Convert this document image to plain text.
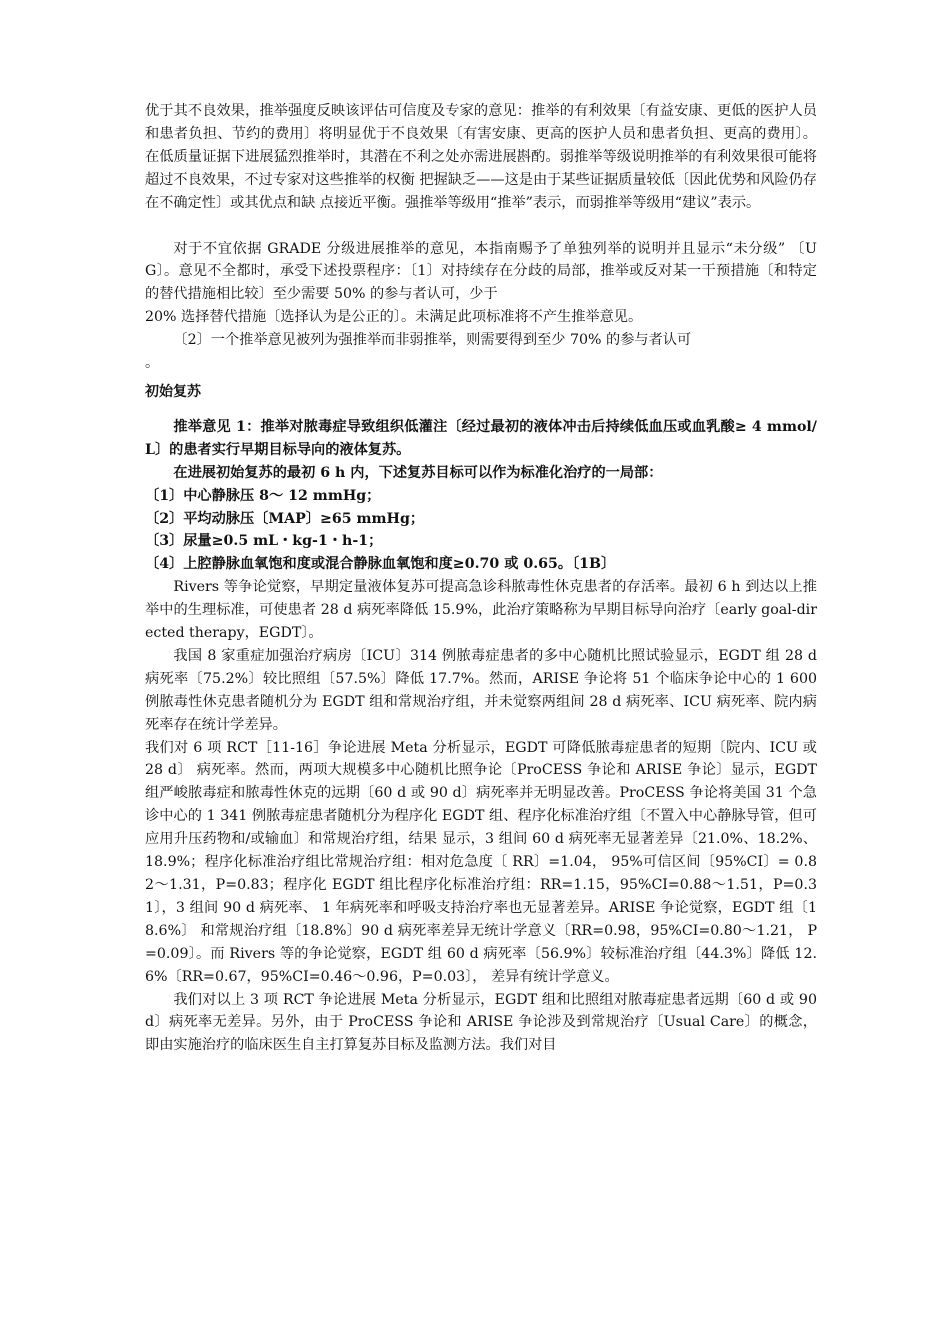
优于其不良效果，推举强度反映该评估可信度及专家的意见：推举的有利效果〔有益安康、更低的医护人员和患者负担、节约的费用〕将明显优于不良效果〔有害安康、更高的医护人员和患者负担、更高的费用〕。在低质量证据下进展猛烈推举时，其潜在不利之处亦需进展斟酌。弱推举等级说明推举的有利效果很可能将超过不良效果，不过专家对这些推举的权衡 把握缺乏——这是由于某些证据质量较低〔因此优势和风险仍存在不确定性〕或其优点和缺 点接近平衡。强推举等级用“推举”表示，而弱推举等级用“建议”表示。

对于不宜依据 GRADE 分级进展推举的意见，本指南赐予了单独列举的说明并且显示“未分级” 〔UG〕。意见不全都时，承受下述投票程序：〔1〕对持续存在分歧的局部，推举或反对某一干预措施〔和特定的替代措施相比较〕至少需要 50% 的参与者认可，少于

20% 选择替代措施〔选择认为是公正的〕。未满足此项标准将不产生推举意见。

〔2〕一个推举意见被列为强推举而非弱推举，则需要得到至少 70% 的参与者认可

。

初始复苏

推举意见 1：推举对脓毒症导致组织低灌注〔经过最初的液体冲击后持续低血压或血乳酸≥ 4 mmol/L〕的患者实行早期目标导向的液体复苏。

在进展初始复苏的最初 6 h 内，下述复苏目标可以作为标准化治疗的一局部：

〔1〕中心静脉压 8～ 12 mmHg；

〔2〕平均动脉压〔MAP〕≥65 mmHg；

〔3〕尿量≥0.5 mL・kg-1・h-1；

〔4〕上腔静脉血氧饱和度或混合静脉血氧饱和度≥0.70 或 0.65。〔1B〕

Rivers 等争论觉察，早期定量液体复苏可提高急诊科脓毒性休克患者的存活率。最初 6 h 到达以上推举中的生理标准，可使患者 28 d 病死率降低 15.9%，此治疗策略称为早期目标导向治疗〔early goal-directed therapy，EGDT〕。

我国 8 家重症加强治疗病房〔ICU〕314 例脓毒症患者的多中心随机比照试验显示，EGDT 组 28 d 病死率〔75.2%〕较比照组〔57.5%〕降低 17.7%。然而，ARISE 争论将 51 个临床争论中心的 1 600 例脓毒性休克患者随机分为 EGDT 组和常规治疗组，并未觉察两组间 28 d 病死率、ICU 病死率、院内病死率存在统计学差异。

我们对 6 项 RCT［11-16］争论进展 Meta 分析显示，EGDT 可降低脓毒症患者的短期〔院内、ICU 或 28 d〕 病死率。然而，两项大规模多中心随机比照争论〔ProCESS 争论和 ARISE 争论〕显示，EGDT 组严峻脓毒症和脓毒性休克的远期〔60 d 或 90 d〕病死率并无明显改善。ProCESS 争论将美国 31 个急诊中心的 1 341 例脓毒症患者随机分为程序化 EGDT 组、程序化标准治疗组〔不置入中心静脉导管，但可应用升压药物和/或输血〕和常规治疗组，结果 显示，3 组间 60 d 病死率无显著差异〔21.0%、18.2%、18.9%；程序化标准治疗组比常规治疗组：相对危急度〔 RR〕=1.04， 95%可信区间〔95%CI〕= 0.82～1.31，P=0.83；程序化 EGDT 组比程序化标准治疗组：RR=1.15，95%CI=0.88～1.51，P=0.31〕，3 组间 90 d 病死率、 1 年病死率和呼吸支持治疗率也无显著差异。ARISE 争论觉察，EGDT 组〔18.6%〕 和常规治疗组〔18.8%〕90 d 病死率差异无统计学意义〔RR=0.98，95%CI=0.80～1.21， P=0.09〕。而 Rivers 等的争论觉察，EGDT 组 60 d 病死率〔56.9%〕较标准治疗组〔44.3%〕降低 12.6%〔RR=0.67，95%CI=0.46～0.96，P=0.03〕， 差异有统计学意义。

我们对以上 3 项 RCT 争论进展 Meta 分析显示，EGDT 组和比照组对脓毒症患者远期〔60 d 或 90 d〕病死率无差异。另外，由于 ProCESS 争论和 ARISE 争论涉及到常规治疗〔Usual Care〕的概念，即由实施治疗的临床医生自主打算复苏目标及监测方法。我们对目
